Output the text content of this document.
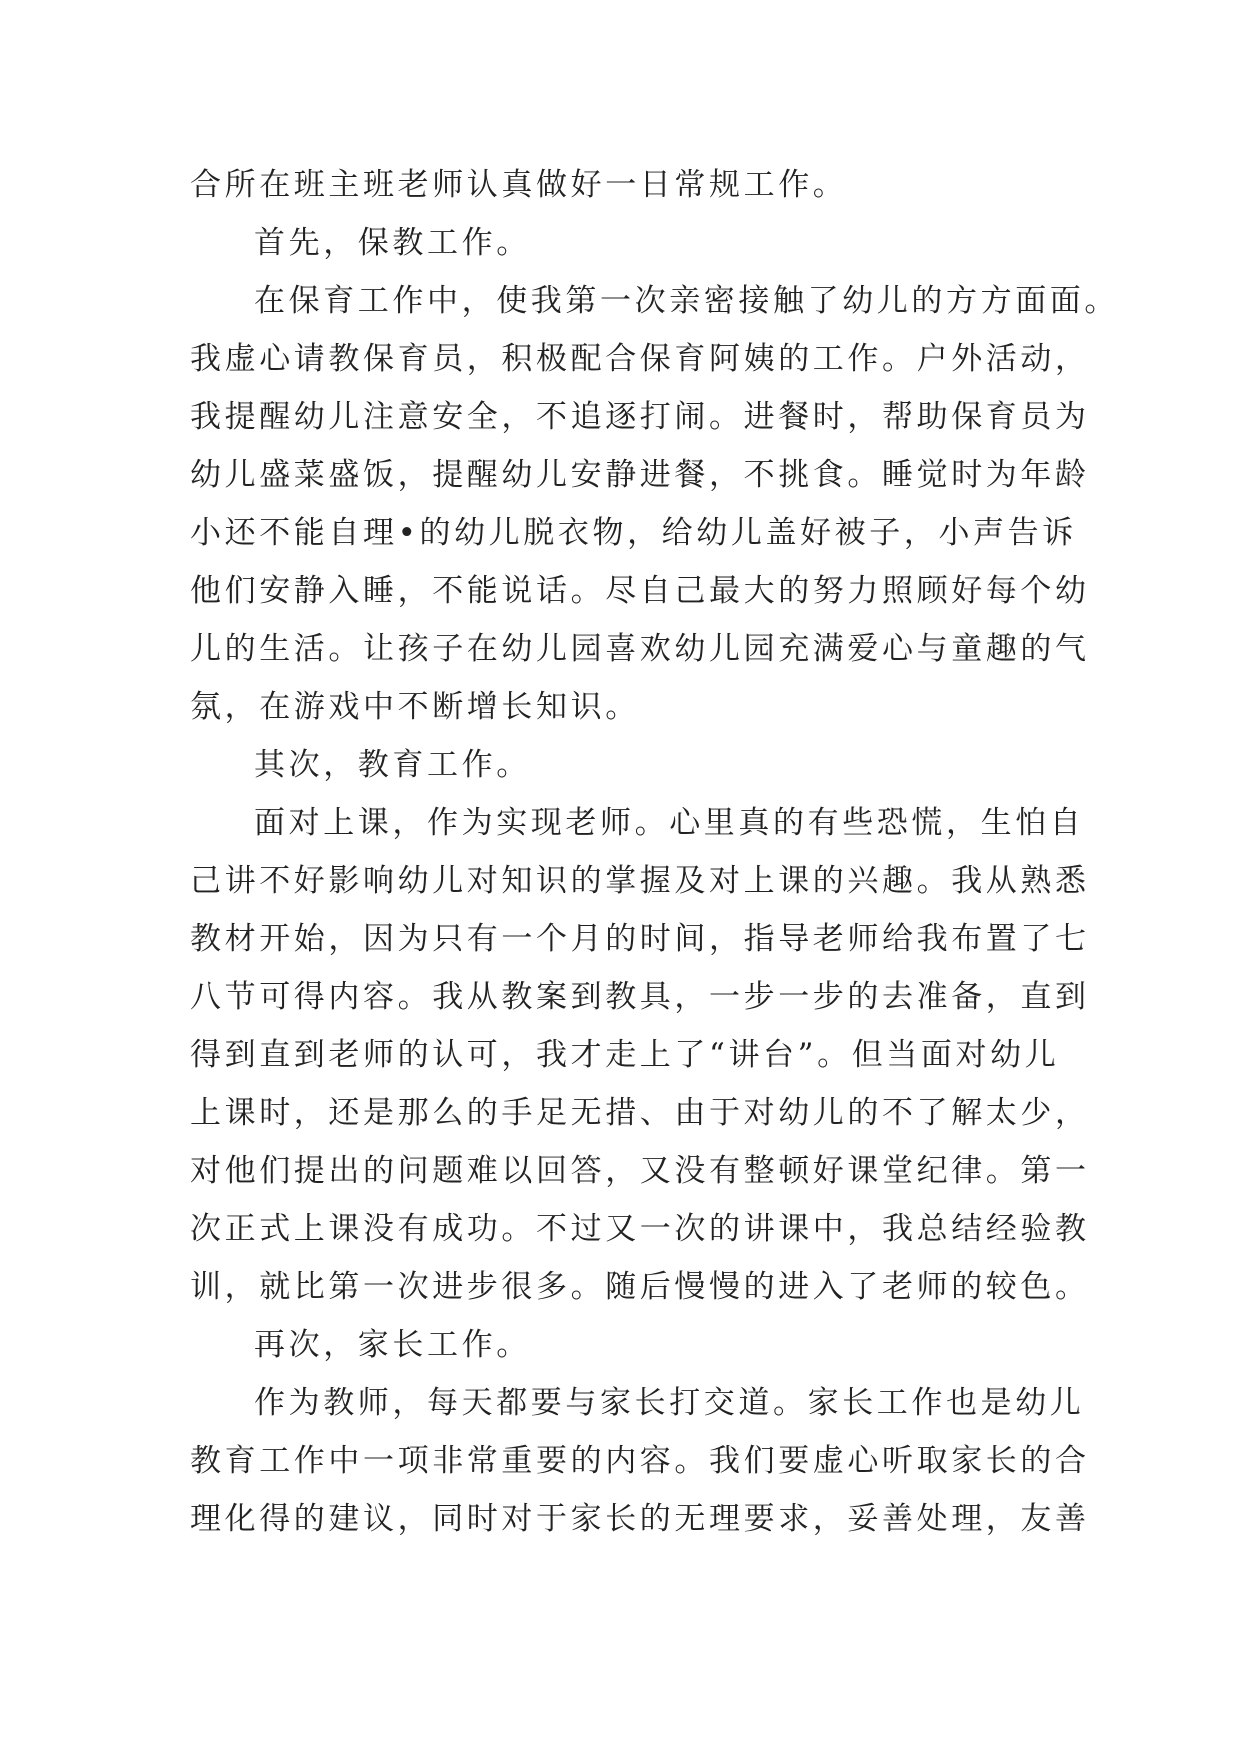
合所在班主班老师认真做好一日常规工作。
首先，保教工作。
在保育工作中，使我第一次亲密接触了幼儿的方方面面。
我虚心请教保育员，积极配合保育阿姨的工作。户外活动，
我提醒幼儿注意安全，不追逐打闹。进餐时，帮助保育员为
幼儿盛菜盛饭，提醒幼儿安静进餐，不挑食。睡觉时为年龄
小还不能自理•的幼儿脱衣物，给幼儿盖好被子，小声告诉
他们安静入睡，不能说话。尽自己最大的努力照顾好每个幼
儿的生活。让孩子在幼儿园喜欢幼儿园充满爱心与童趣的气
氛，在游戏中不断增长知识。
其次，教育工作。
面对上课，作为实现老师。心里真的有些恐慌，生怕自
己讲不好影响幼儿对知识的掌握及对上课的兴趣。我从熟悉
教材开始，因为只有一个月的时间，指导老师给我布置了七
八节可得内容。我从教案到教具，一步一步的去准备，直到
得到直到老师的认可，我才走上了“讲台”。但当面对幼儿
上课时，还是那么的手足无措、由于对幼儿的不了解太少，
对他们提出的问题难以回答，又没有整顿好课堂纪律。第一
次正式上课没有成功。不过又一次的讲课中，我总结经验教
训，就比第一次进步很多。随后慢慢的进入了老师的较色。
再次，家长工作。
作为教师，每天都要与家长打交道。家长工作也是幼儿
教育工作中一项非常重要的内容。我们要虚心听取家长的合
理化得的建议，同时对于家长的无理要求，妥善处理，友善
